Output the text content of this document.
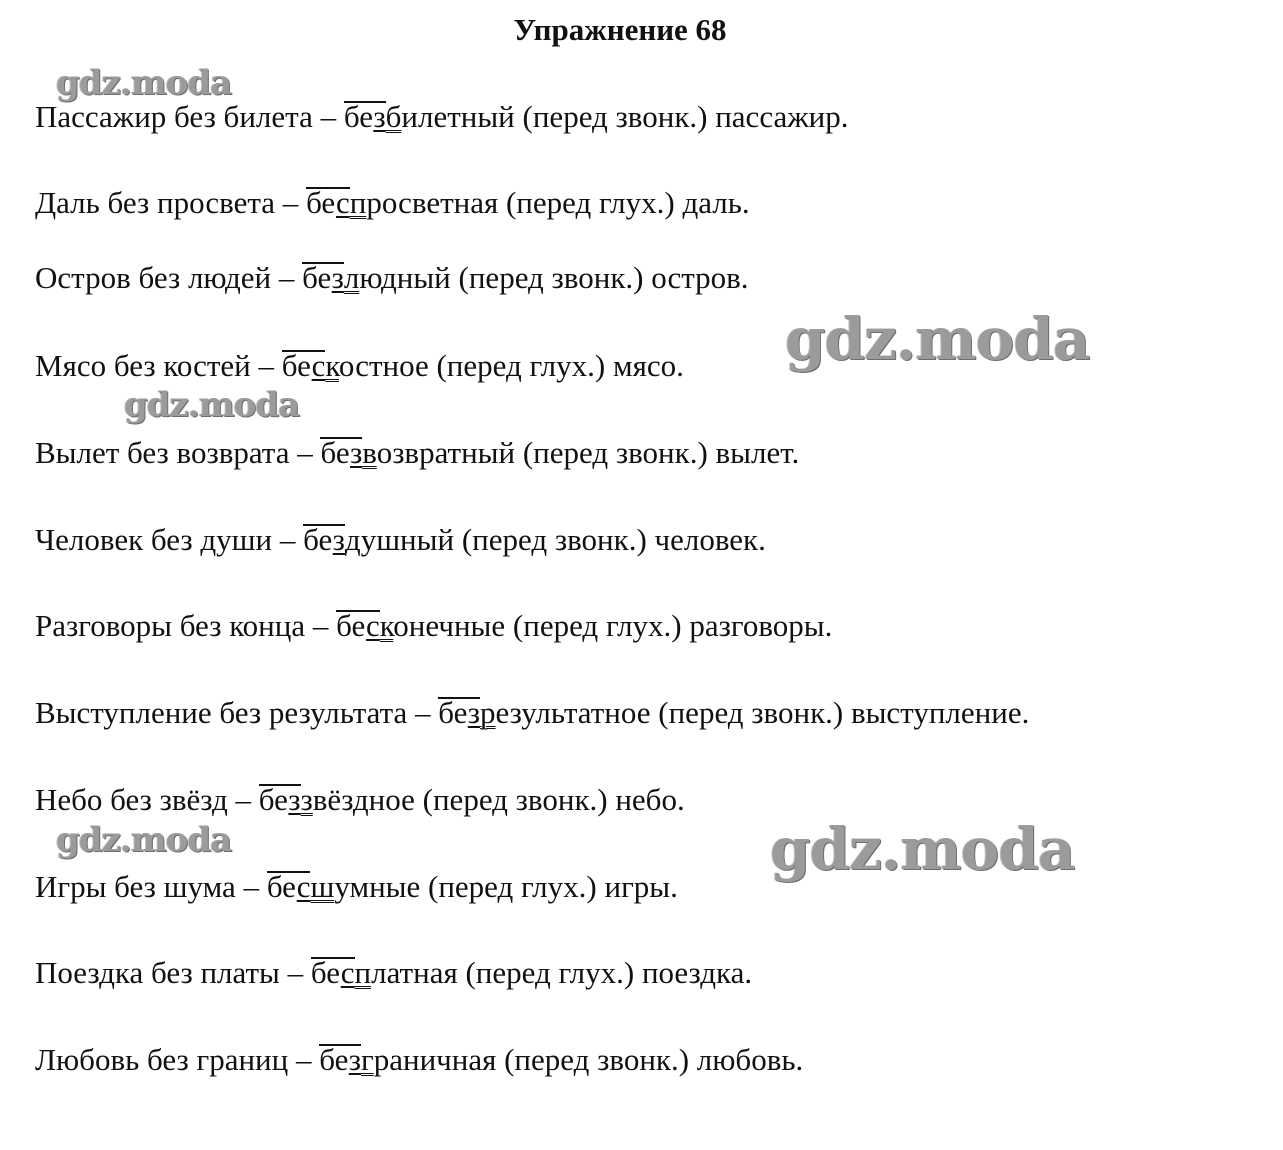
Упражнение 68
Пассажир без билета – безбилетный (перед звонк.) пассажир.
Даль без просвета – беспросветная (перед глух.) даль.
Остров без людей – безлюдный (перед звонк.) остров.
Мясо без костей – бескостное (перед глух.) мясо.
Вылет без возврата – безвозвратный (перед звонк.) вылет.
Человек без души – бездушный (перед звонк.) человек.
Разговоры без конца – бесконечные (перед глух.) разговоры.
Выступление без результата – безрезультатное (перед звонк.) выступление.
Небо без звёзд – беззвёздное (перед звонк.) небо.
Игры без шума – бесшумные (перед глух.) игры.
Поездка без платы – бесплатная (перед глух.) поездка.
Любовь без границ – безграничная (перед звонк.) любовь.
gdz.moda
gdz.moda
gdz.moda
gdz.moda	gdz.moda
